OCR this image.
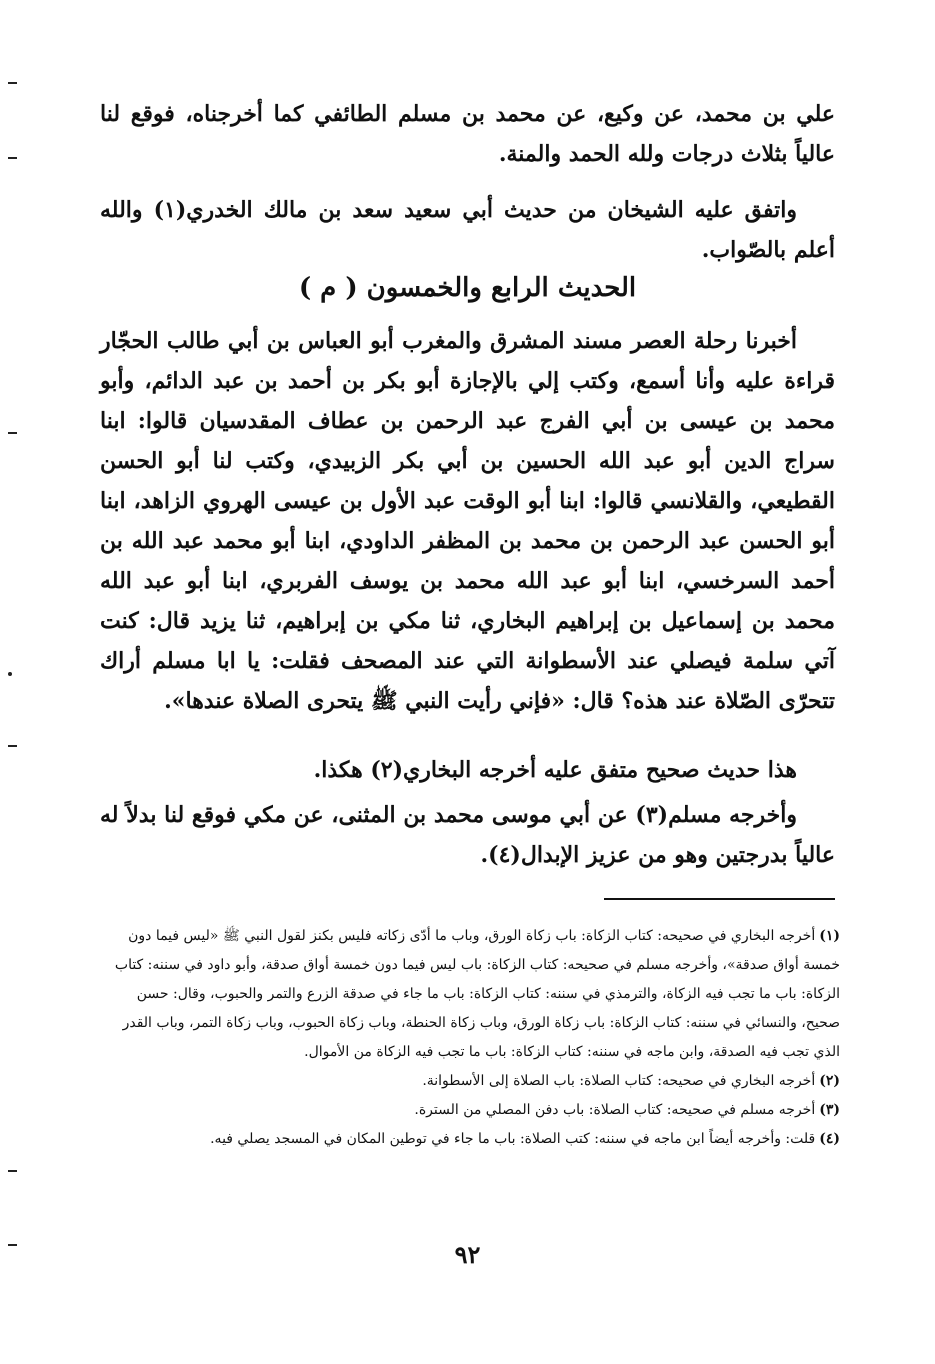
علي بن محمد، عن وكيع، عن محمد بن مسلم الطائفي كما أخرجناه، فوقع لنا عالياً بثلاث درجات ولله الحمد والمنة.

واتفق عليه الشيخان من حديث أبي سعيد سعد بن مالك الخدري(١) والله أعلم بالصّواب.

الحديث الرابع والخمسون ( م )

أخبرنا رحلة العصر مسند المشرق والمغرب أبو العباس بن أبي طالب الحجّار قراءة عليه وأنا أسمع، وكتب إلي بالإجازة أبو بكر بن أحمد بن عبد الدائم، وأبو محمد بن عيسى بن أبي الفرج عبد الرحمن بن عطاف المقدسيان قالوا: ابنا سراج الدين أبو عبد الله الحسين بن أبي بكر الزبيدي، وكتب لنا أبو الحسن القطيعي، والقلانسي قالوا: ابنا أبو الوقت عبد الأول بن عيسى الهروي الزاهد، ابنا أبو الحسن عبد الرحمن بن محمد بن المظفر الداودي، ابنا أبو محمد عبد الله بن أحمد السرخسي، ابنا أبو عبد الله محمد بن يوسف الفربري، ابنا أبو عبد الله محمد بن إسماعيل بن إبراهيم البخاري، ثنا مكي بن إبراهيم، ثنا يزيد قال: كنت آتي سلمة فيصلي عند الأسطوانة التي عند المصحف فقلت: يا ابا مسلم أراك تتحرّى الصّلاة عند هذه؟ قال: «فإني رأيت النبي ﷺ يتحرى الصلاة عندها».

هذا حديث صحيح متفق عليه أخرجه البخاري(٢) هكذا.

وأخرجه مسلم(٣) عن أبي موسى محمد بن المثنى، عن مكي فوقع لنا بدلاً له عالياً بدرجتين وهو من عزيز الإبدال(٤).

(١)أخرجه البخاري في صحيحه: كتاب الزكاة: باب زكاة الورق، وباب ما أدّى زكاته فليس بكنز لقول النبي ﷺ «ليس فيما دون خمسة أواق صدقة»، وأخرجه مسلم في صحيحه: كتاب الزكاة: باب ليس فيما دون خمسة أواق صدقة، وأبو داود في سننه: كتاب الزكاة: باب ما تجب فيه الزكاة، والترمذي في سننه: كتاب الزكاة: باب ما جاء في صدقة الزرع والتمر والحبوب، وقال: حسن صحيح، والنسائي في سننه: كتاب الزكاة: باب زكاة الورق، وباب زكاة الحنطة، وباب زكاة الحبوب، وباب زكاة التمر، وباب القدر الذي تجب فيه الصدقة، وابن ماجه في سننه: كتاب الزكاة: باب ما تجب فيه الزكاة من الأموال.

(٢)أخرجه البخاري في صحيحه: كتاب الصلاة: باب الصلاة إلى الأسطوانة.

(٣)أخرجه مسلم في صحيحه: كتاب الصلاة: باب دفن المصلي من السترة.

(٤)قلت: وأخرجه أيضاً ابن ماجه في سننه: كتب الصلاة: باب ما جاء في توطين المكان في المسجد يصلي فيه.

٩٢
